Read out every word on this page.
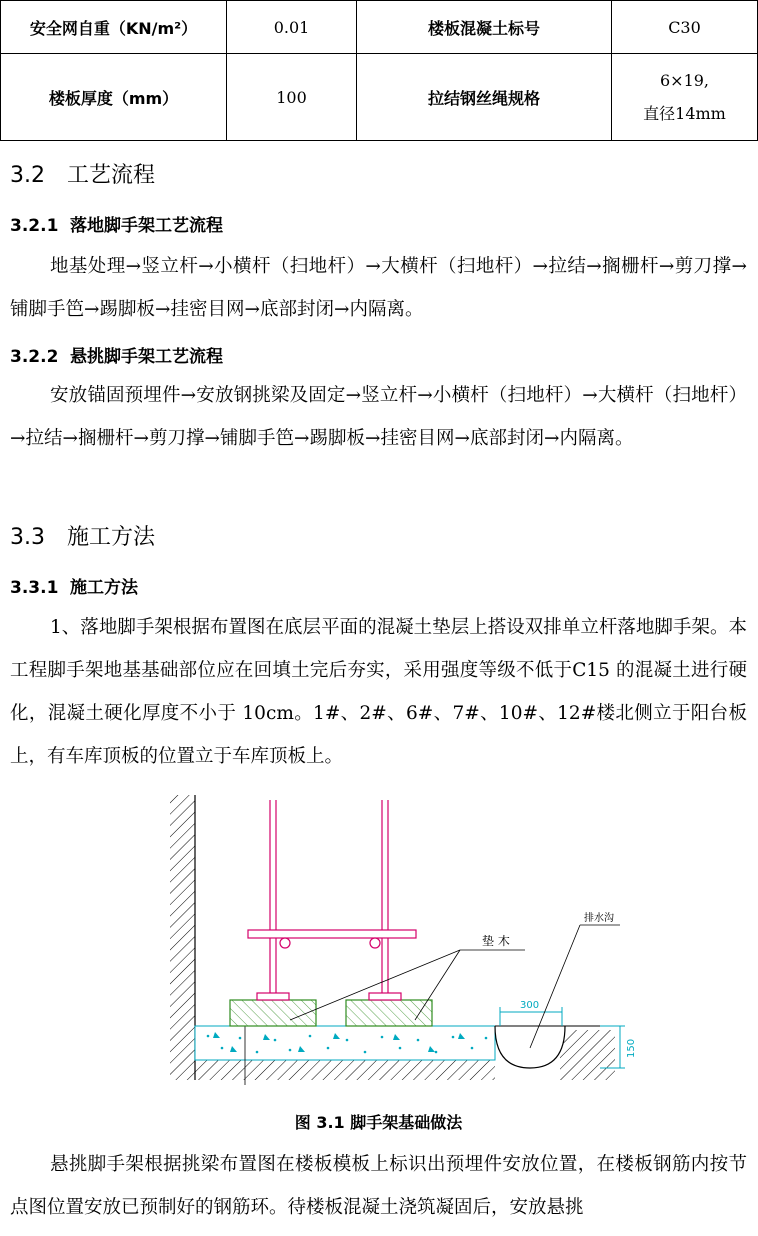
安全网自重（KN/m²）	0.01	楼板混凝土标号	C30
楼板厚度（mm）	100	拉结钢丝绳规格	6×19,
直径14mm
3.2 工艺流程
3.2.1 落地脚手架工艺流程

地基处理→竖立杆→小横杆（扫地杆）→大横杆（扫地杆）→拉结→搁栅杆→剪刀撑→铺脚手笆→踢脚板→挂密目网→底部封闭→内隔离。

3.2.2 悬挑脚手架工艺流程

安放锚固预埋件→安放钢挑梁及固定→竖立杆→小横杆（扫地杆）→大横杆（扫地杆）→拉结→搁栅杆→剪刀撑→铺脚手笆→踢脚板→挂密目网→底部封闭→内隔离。

3.3 施工方法
3.3.1 施工方法

1、落地脚手架根据布置图在底层平面的混凝土垫层上搭设双排单立杆落地脚手架。本工程脚手架地基基础部位应在回填土完后夯实，采用强度等级不低于C15 的混凝土进行硬化，混凝土硬化厚度不小于 10cm。1#、2#、6#、7#、10#、12#楼北侧立于阳台板上，有车库顶板的位置立于车库顶板上。

300
150
垫 木
排水沟
图 3.1 脚手架基础做法

悬挑脚手架根据挑梁布置图在楼板模板上标识出预埋件安放位置，在楼板钢筋内按节点图位置安放已预制好的钢筋环。待楼板混凝土浇筑凝固后，安放悬挑
